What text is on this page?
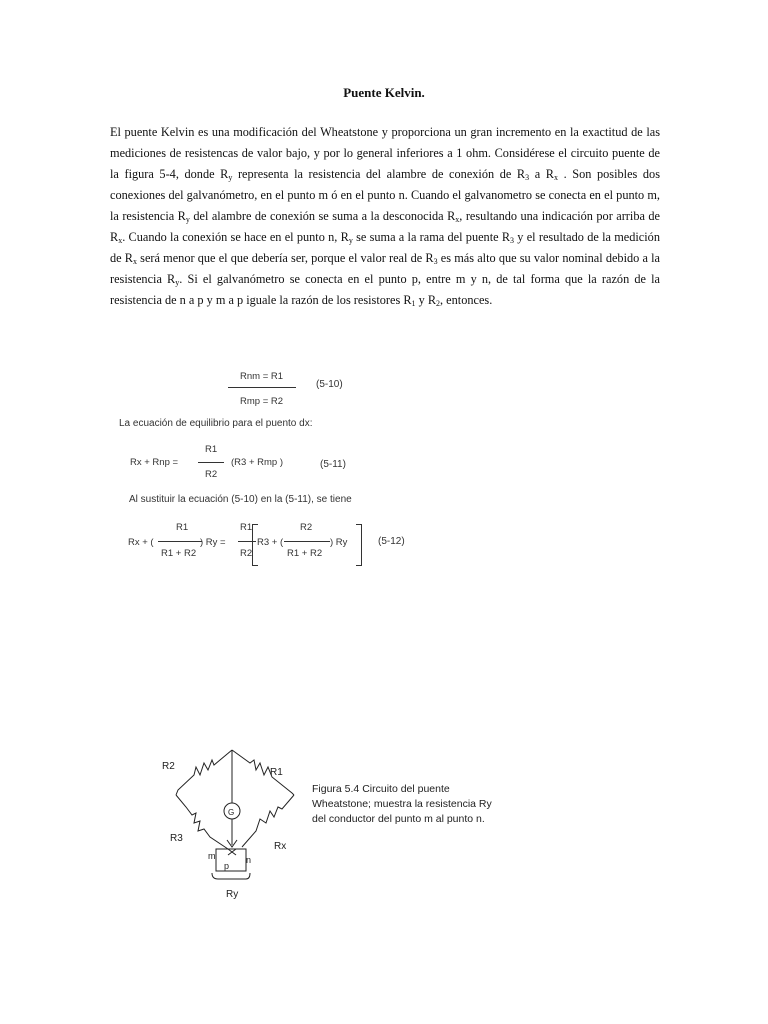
Puente Kelvin.
El puente Kelvin es una modificación del Wheatstone y proporciona un gran incremento en la exactitud de las mediciones de resistencas de valor bajo, y por lo general inferiores a 1 ohm. Considérese el circuito puente de la figura 5-4, donde $R_y$ representa la resistencia del alambre de conexión de $R_3$ a $R_x$ . Son posibles dos conexiones del galvanómetro, en el punto m ó en el punto n. Cuando el galvanometro se conecta en el punto m, la resistencia $R_y$ del alambre de conexión se suma a la desconocida $R_x$, resultando una indicación por arriba de $R_x$. Cuando la conexión se hace en el punto n, $R_y$ se suma a la rama del puente $R_3$ y el resultado de la medición de $R_x$ será menor que el que debería ser, porque el valor real de $R_3$ es más alto que su valor nominal debido a la resistencia $R_y$. Si el galvanómetro se conecta en el punto p, entre m y n, de tal forma que la razón de la resistencia de n a p y m a p iguale la razón de los resistores $R_1$ y $R_2$, entonces.
Rnm = R1
Rmp = R2
(5-10)
La ecuación de equilibrio para el puento dx:
Rx + Rnp =
R1
R2
(R3 + Rmp )	(5-11)
Al sustituir la ecuación (5-10) en la (5-11), se tiene
Rx + (
R1
R1 + R2
) Ry =
R1
R2
R3 + (
R2
R1 + R2
) Ry	(5-12)
R2
R1
R3
Rx
G
m	n
p
Ry
Figura 5.4 Circuito del puente
Wheatstone; muestra la resistencia Ry
del conductor del punto m al punto n.
